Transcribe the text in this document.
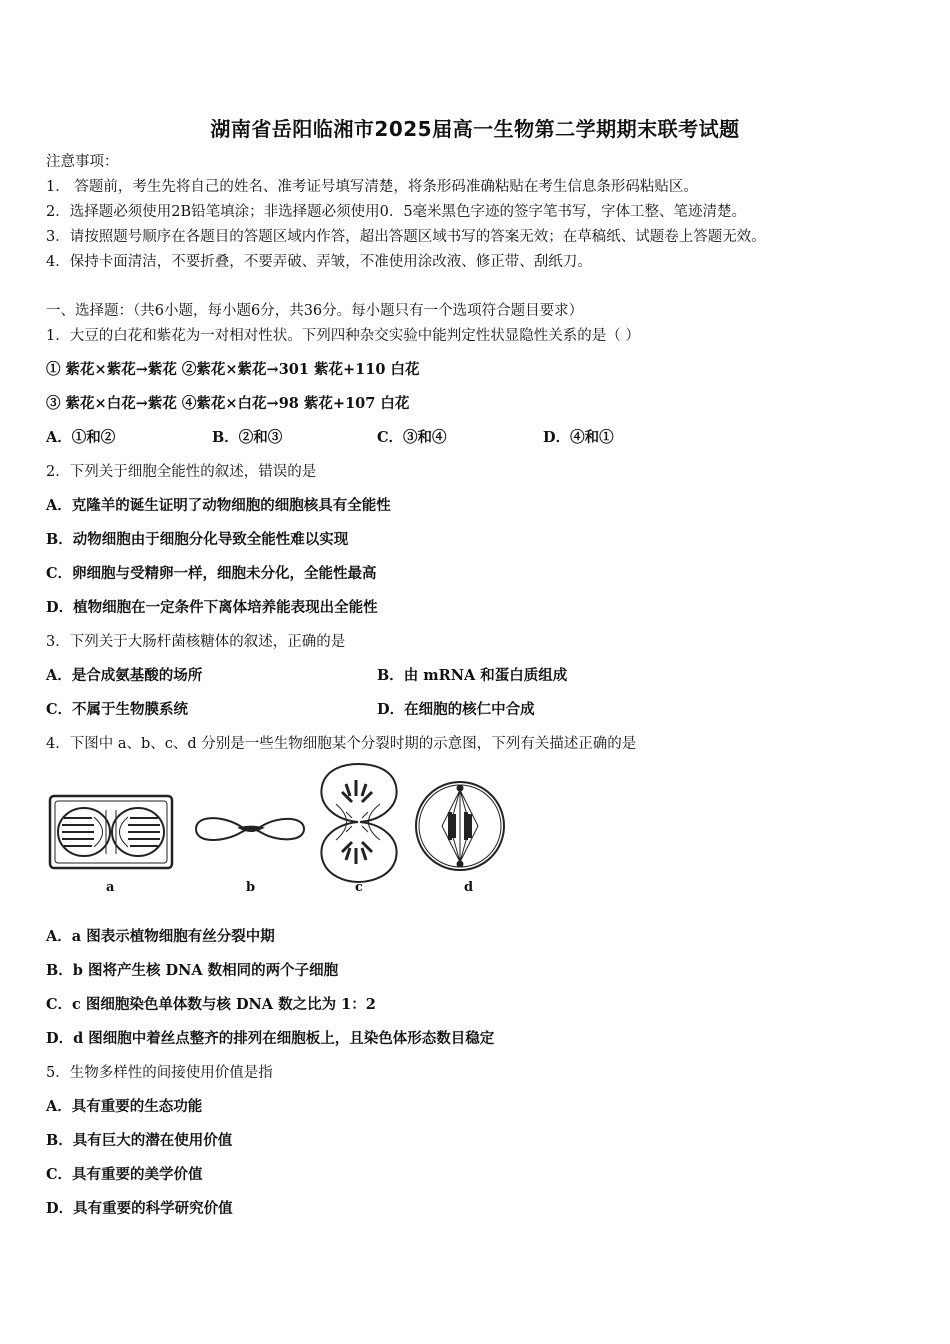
湖南省岳阳临湘市2025届高一生物第二学期期末联考试题
注意事项：
1． 答题前，考生先将自己的姓名、准考证号填写清楚，将条形码准确粘贴在考生信息条形码粘贴区。
2．选择题必须使用2B铅笔填涂；非选择题必须使用0．5毫米黑色字迹的签字笔书写，字体工整、笔迹清楚。
3．请按照题号顺序在各题目的答题区域内作答，超出答题区域书写的答案无效；在草稿纸、试题卷上答题无效。
4．保持卡面清洁，不要折叠，不要弄破、弄皱，不准使用涂改液、修正带、刮纸刀。
一、选择题：（共6小题，每小题6分，共36分。每小题只有一个选项符合题目要求）
1．大豆的白花和紫花为一对相对性状。下列四种杂交实验中能判定性状显隐性关系的是（ ）
① 紫花×紫花→紫花 ②紫花×紫花→301 紫花+110 白花
③ 紫花×白花→紫花 ④紫花×白花→98 紫花+107 白花
A．①和②	B．②和③	C．③和④	D．④和①
2．下列关于细胞全能性的叙述，错误的是
A．克隆羊的诞生证明了动物细胞的细胞核具有全能性
B．动物细胞由于细胞分化导致全能性难以实现
C．卵细胞与受精卵一样，细胞未分化，全能性最高
D．植物细胞在一定条件下离体培养能表现出全能性
3．下列关于大肠杆菌核糖体的叙述，正确的是
A．是合成氨基酸的场所	B．由 mRNA 和蛋白质组成
C．不属于生物膜系统	D．在细胞的核仁中合成
4．下图中 a、b、c、d 分别是一些生物细胞某个分裂时期的示意图，下列有关描述正确的是
a	b	c	d
A．a 图表示植物细胞有丝分裂中期
B．b 图将产生核 DNA 数相同的两个子细胞
C．c 图细胞染色单体数与核 DNA 数之比为 1：2
D．d 图细胞中着丝点整齐的排列在细胞板上，且染色体形态数目稳定
5．生物多样性的间接使用价值是指
A．具有重要的生态功能
B．具有巨大的潜在使用价值
C．具有重要的美学价值
D．具有重要的科学研究价值
